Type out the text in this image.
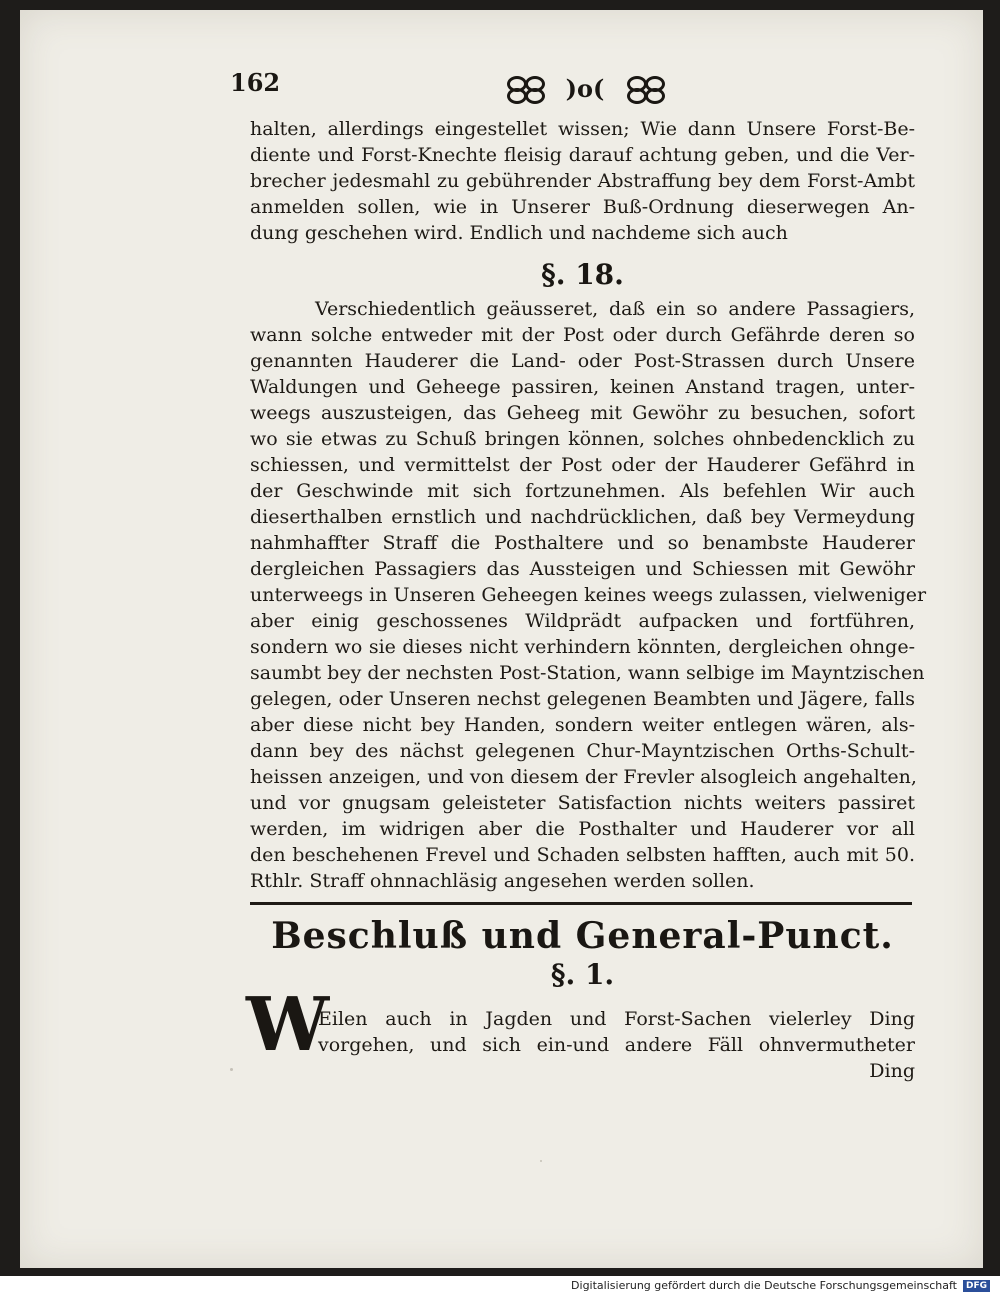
162	)o(
halten, allerdings eingestellet wissen; Wie dann Unsere Forst-Be-
diente und Forst-Knechte fleisig darauf achtung geben, und die Ver-
brecher jedesmahl zu gebührender Abstraffung bey dem Forst-Ambt
anmelden sollen, wie in Unserer Buß-Ordnung dieserwegen An-
dung geschehen wird. Endlich und nachdeme sich auch
§. 18.
Verschiedentlich geäusseret, daß ein so andere Passagiers,
wann solche entweder mit der Post oder durch Gefährde deren so
genannten Hauderer die Land- oder Post-Strassen durch Unsere
Waldungen und Geheege passiren, keinen Anstand tragen, unter-
weegs auszusteigen, das Geheeg mit Gewöhr zu besuchen, sofort
wo sie etwas zu Schuß bringen können, solches ohnbedencklich zu
schiessen, und vermittelst der Post oder der Hauderer Gefährd in
der Geschwinde mit sich fortzunehmen. Als befehlen Wir auch
dieserthalben ernstlich und nachdrücklichen, daß bey Vermeydung
nahmhaffter Straff die Posthaltere und so benambste Hauderer
dergleichen Passagiers das Aussteigen und Schiessen mit Gewöhr
unterweegs in Unseren Geheegen keines weegs zulassen, vielweniger
aber einig geschossenes Wildprädt aufpacken und fortführen,
sondern wo sie dieses nicht verhindern könnten, dergleichen ohnge-
saumbt bey der nechsten Post-Station, wann selbige im Mayntzischen
gelegen, oder Unseren nechst gelegenen Beambten und Jägere, falls
aber diese nicht bey Handen, sondern weiter entlegen wären, als-
dann bey des nächst gelegenen Chur-Mayntzischen Orths-Schult-
heissen anzeigen, und von diesem der Frevler alsogleich angehalten,
und vor gnugsam geleisteter Satisfaction nichts weiters passiret
werden, im widrigen aber die Posthalter und Hauderer vor all
den beschehenen Frevel und Schaden selbsten hafften, auch mit 50.
Rthlr. Straff ohnnachläsig angesehen werden sollen.
Beschluß und General-Punct.
§. 1.
W
Eilen auch in Jagden und Forst-Sachen vielerley Ding
vorgehen, und sich ein-und andere Fäll ohnvermutheter
Ding
Digitalisierung gefördert durch die Deutsche Forschungsgemeinschaft	DFG
